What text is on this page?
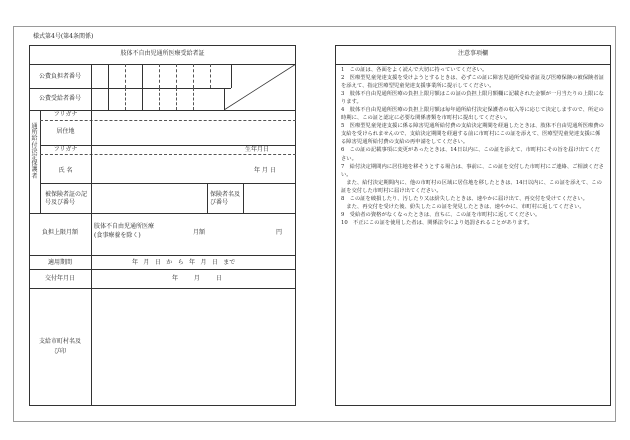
様式第4号(第4条関係)
肢体不自由児通所医療受給者証
公費負担者番号
公費受給者番号
通所給付決定保護者
フリガナ
居住地
フリガナ	生年月日
氏 名	年 月 日
被保険者証の記号及び番号
保険者名及び番号
負担上限月額
肢体不自由児通所医療(食事療養を除く)	月額	円
適用期間	年 月 日 か ら 年 月 日 まで
交付年月日	年 月 日
支給市町村名及び印
注意事項欄

1　この証は、各面をよく読んで大切に持っていてください。

2　医療型児童発達支援を受けようとするときは、必ずこの証に障害児通所受給者証及び医療保険の被保険者証を添えて、指定医療型児童発達支援事業所に提示してください。

3　肢体不自由児通所医療の負担上限月額はこの証の負担上限月額欄に記載された金額が一月当たりの上限になります。

4　肢体不自由児通所医療の負担上限月額は毎年通所給付決定保護者の収入等に応じて決定しますので、所定の時期に、この証と認定に必要な関係書類を市町村に提出してください。

5　医療型児童発達支援に係る障害児通所給付費の支給決定期間を経過したときは、肢体不自由児通所医療費の支給を受けられませんので、支給決定期間を経過する前に市町村にこの証を添えて、医療型児童発達支援に係る障害児通所給付費の支給の再申請をしてください。

6　この証の記載事項に変更があったときは、14日以内に、この証を添えて、市町村にその旨を届け出てください。

7　給付決定期間内に居住地を移そうとする場合は、事前に、この証を交付した市町村にご連絡、ご相談ください。

　また、給付決定期間内に、他の市町村の区域に居住地を移したときは、14日以内に、この証を添えて、この証を交付した市町村に届け出てください。

8　この証を破損したり、汚したり又は紛失したときは、速やかに届け出て、再交付を受けてください。

　また、再交付を受けた後、紛失したこの証を発見したときは、速やかに、市町村に返してください。

9　受給者の資格がなくなったときは、直ちに、この証を市町村に返してください。

10　不正にこの証を使用した者は、関係法令により処罰されることがあります。
